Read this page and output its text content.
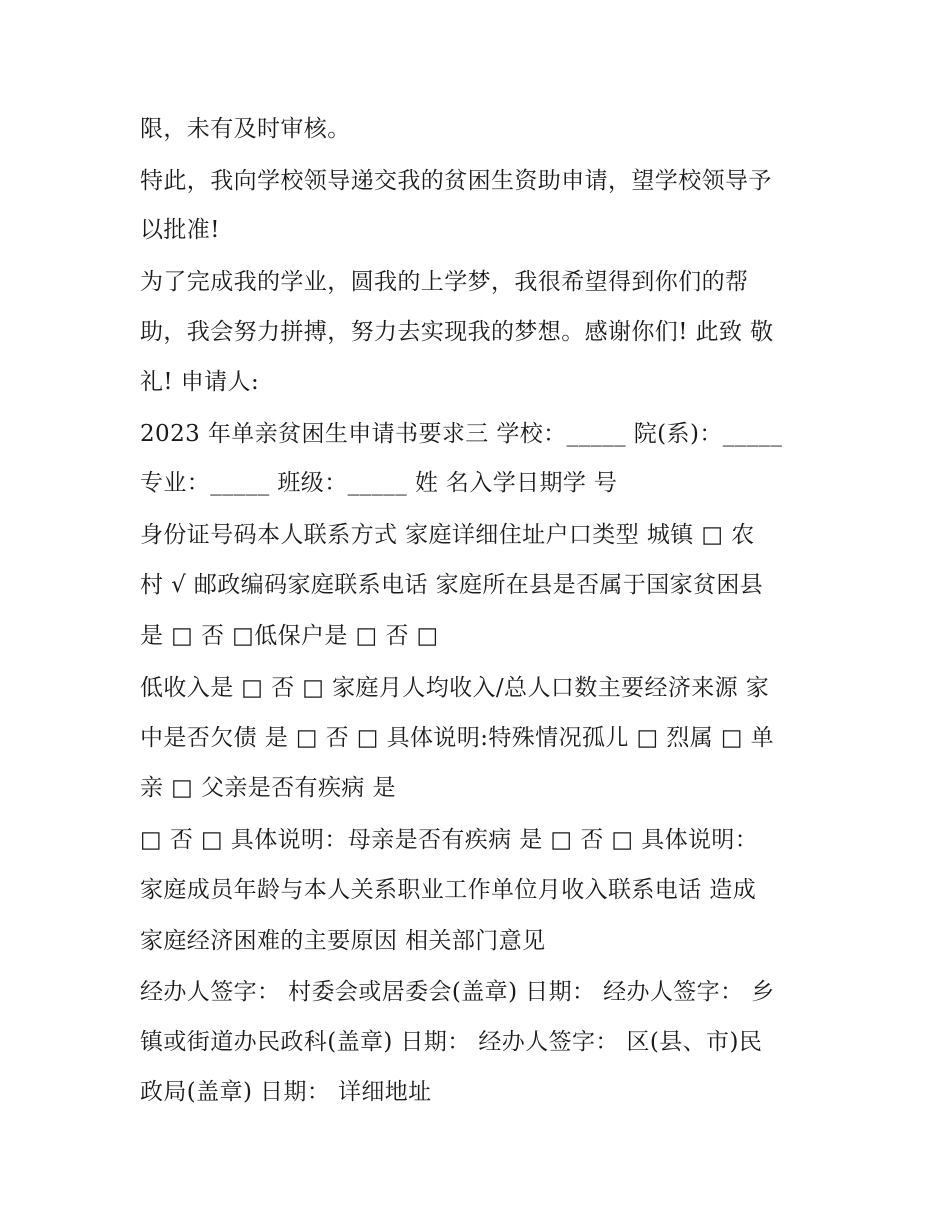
限，未有及时审核。
特此，我向学校领导递交我的贫困生资助申请，望学校领导予
以批准!
为了完成我的学业，圆我的上学梦，我很希望得到你们的帮
助，我会努力拼搏，努力去实现我的梦想。感谢你们! 此致 敬
礼! 申请人:
2023 年单亲贫困生申请书要求三 学校：_____ 院(系)：_____
专业：_____ 班级：_____ 姓 名入学日期学 号
身份证号码本人联系方式 家庭详细住址户口类型 城镇 □ 农
村 √ 邮政编码家庭联系电话 家庭所在县是否属于国家贫困县
是 □ 否 □低保户是 □ 否 □
低收入是 □ 否 □ 家庭月人均收入/总人口数主要经济来源 家
中是否欠债 是 □ 否 □ 具体说明:特殊情况孤儿 □ 烈属 □ 单
亲 □ 父亲是否有疾病 是
□ 否 □ 具体说明：母亲是否有疾病 是 □ 否 □ 具体说明：
家庭成员年龄与本人关系职业工作单位月收入联系电话 造成
家庭经济困难的主要原因 相关部门意见
经办人签字： 村委会或居委会(盖章) 日期： 经办人签字： 乡
镇或街道办民政科(盖章) 日期： 经办人签字： 区(县、市)民
政局(盖章) 日期： 详细地址
